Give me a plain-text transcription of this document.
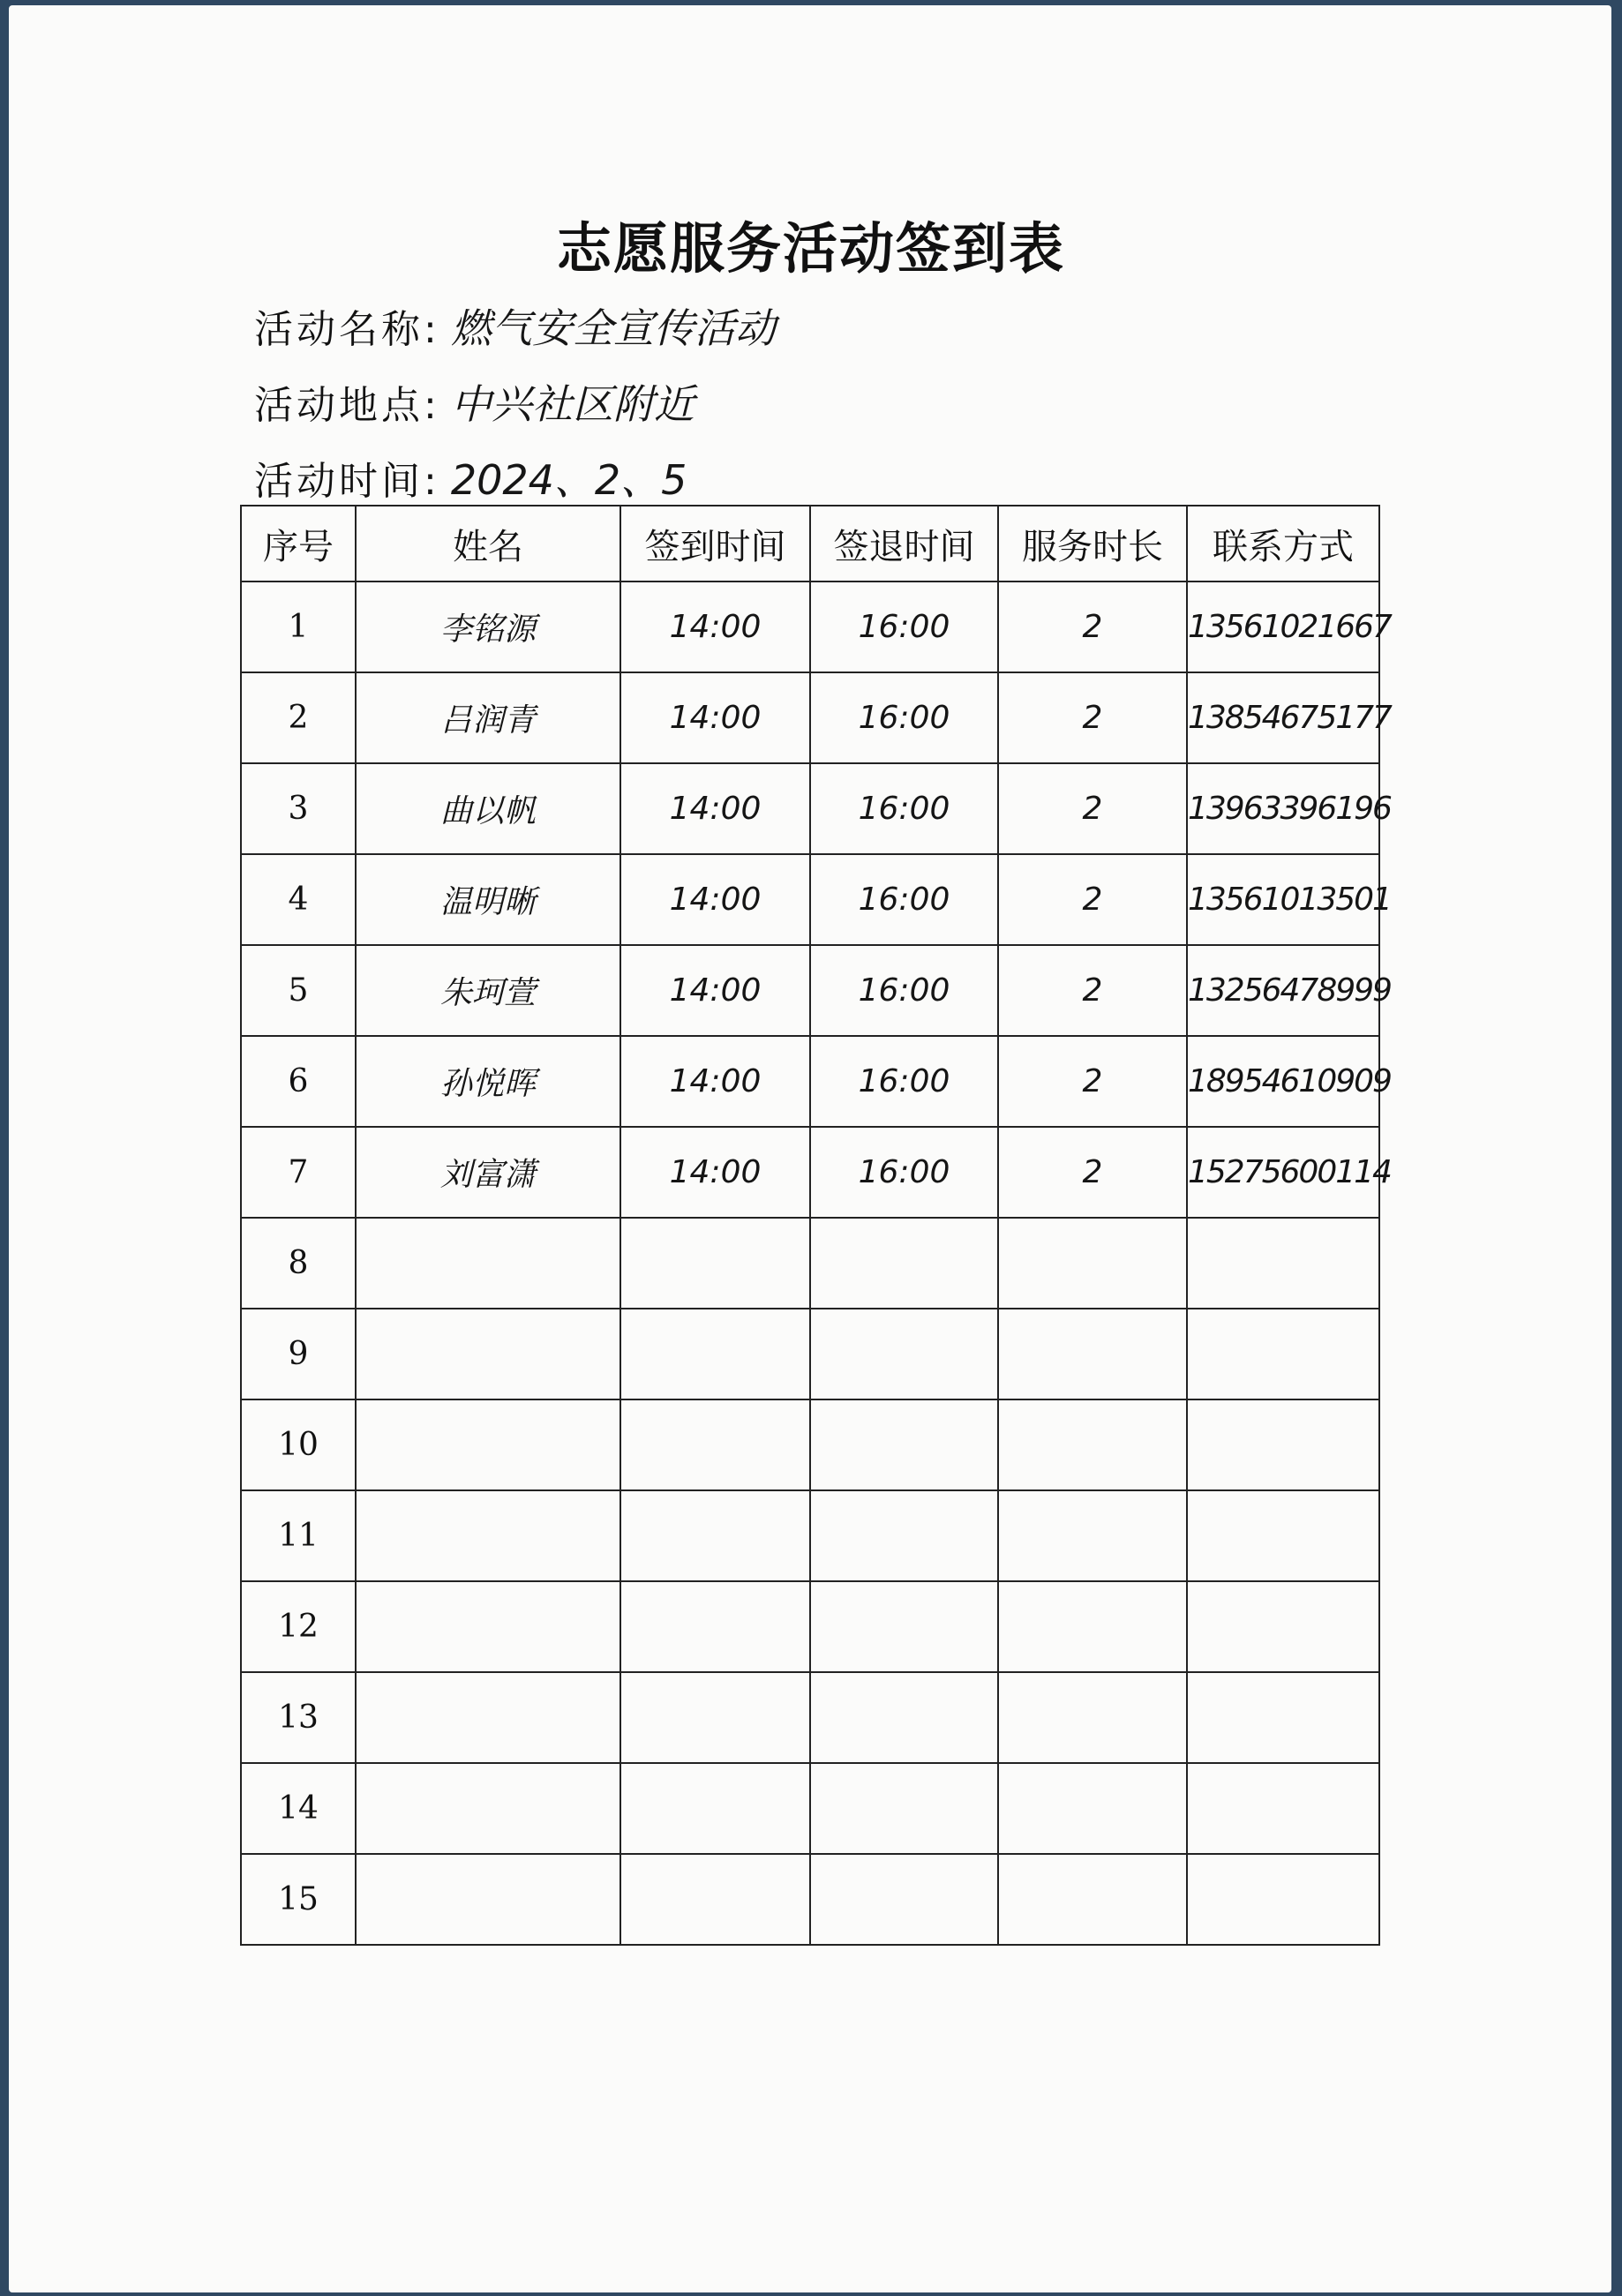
志愿服务活动签到表
活动名称: 燃气安全宣传活动
活动地点: 中兴社区附近
活动时间: 2024、2、5
序号	姓名	签到时间	签退时间	服务时长	联系方式
1	李铭源	14:00	16:00	2	13561021667
2	吕润青	14:00	16:00	2	13854675177
3	曲以帆	14:00	16:00	2	13963396196
4	温明晰	14:00	16:00	2	13561013501
5	朱珂萱	14:00	16:00	2	13256478999
6	孙悦晖	14:00	16:00	2	18954610909
7	刘富潇	14:00	16:00	2	15275600114
8					
9					
10					
11					
12					
13					
14					
15					
